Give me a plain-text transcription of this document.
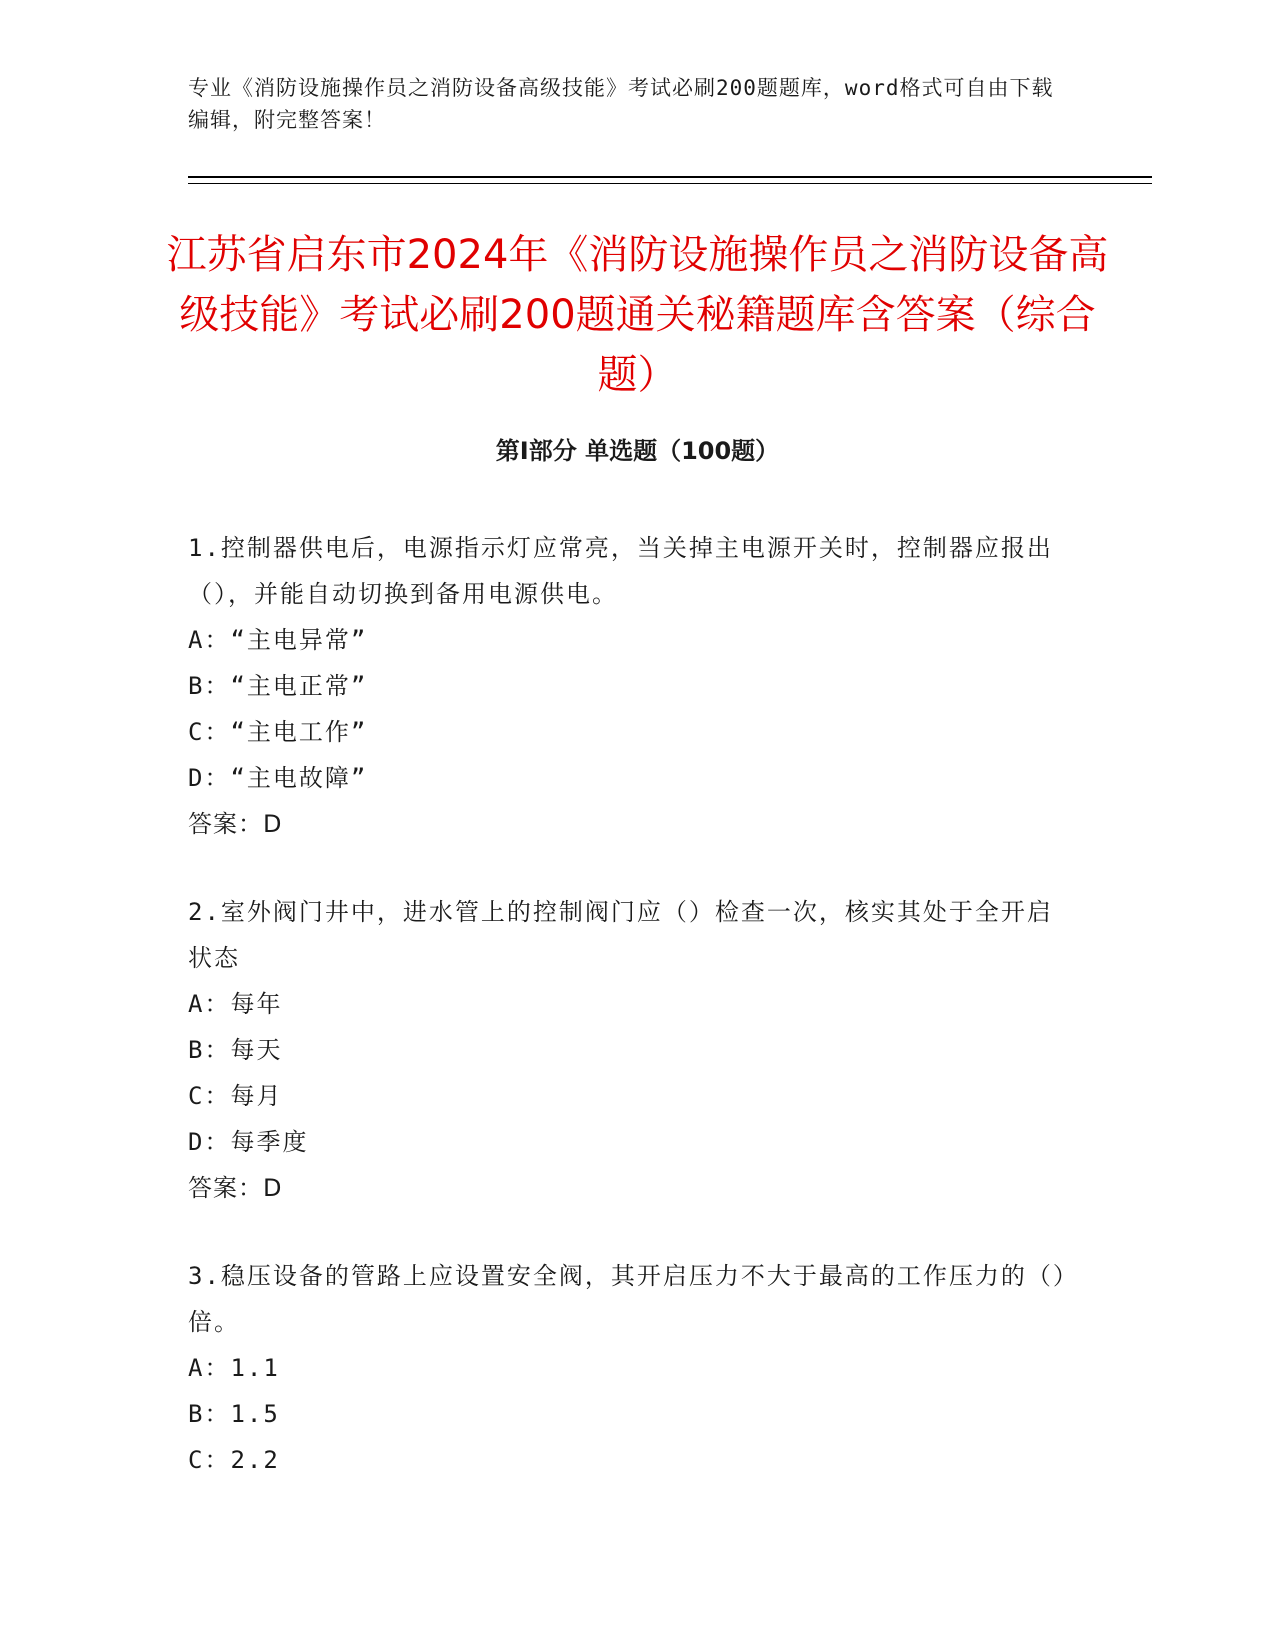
专业《消防设施操作员之消防设备高级技能》考试必刷200题题库，word格式可自由下载编辑，附完整答案！
江苏省启东市2024年《消防设施操作员之消防设备高级技能》考试必刷200题通关秘籍题库含答案（综合题）
第Ⅰ部分 单选题（100题）
1.控制器供电后，电源指示灯应常亮，当关掉主电源开关时，控制器应报出（），并能自动切换到备用电源供电。
A：“主电异常”
B：“主电正常”
C：“主电工作”
D：“主电故障”
答案：D
2.室外阀门井中，进水管上的控制阀门应（）检查一次，核实其处于全开启状态
A：每年
B：每天
C：每月
D：每季度
答案：D
3.稳压设备的管路上应设置安全阀，其开启压力不大于最高的工作压力的（）倍。
A：1.1
B：1.5
C：2.2
